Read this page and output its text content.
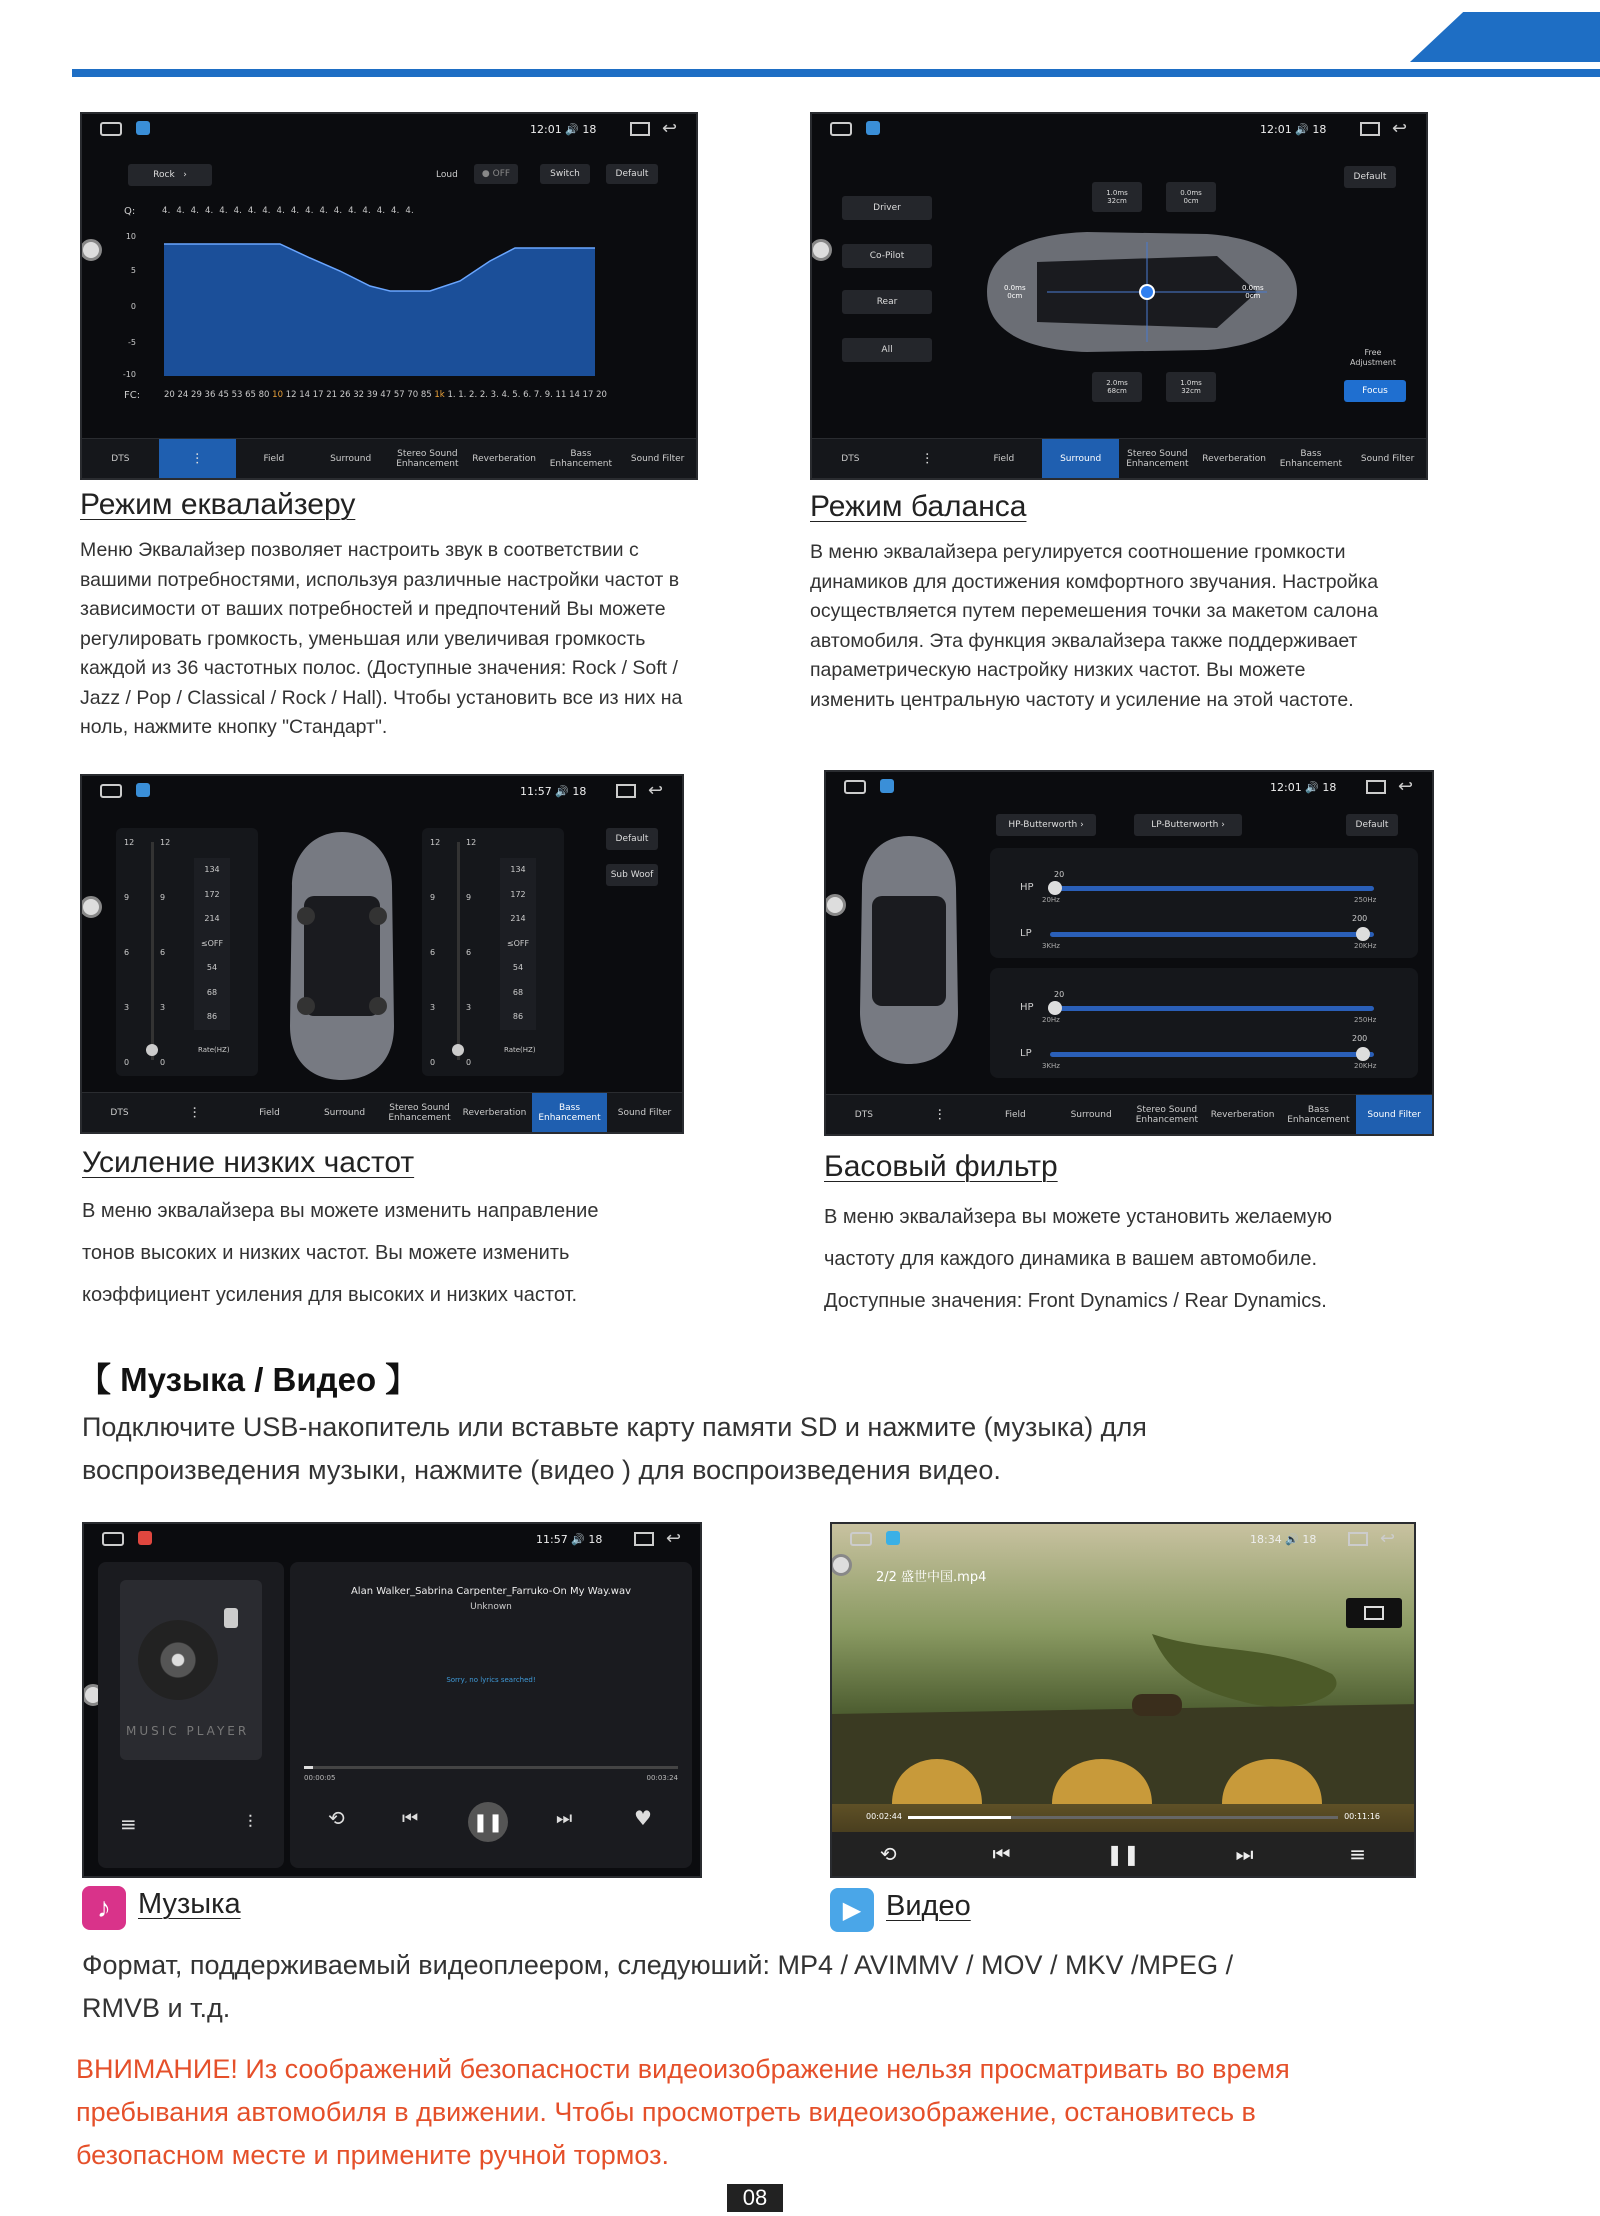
12:01 🔊 18	↩
Rock ›	Loud	● OFF	Switch	Default
Q:	4.  4.  4.  4.  4.  4.  4.  4.  4.  4.  4.  4.  4.  4.  4.  4.  4.  4.
10
5
0
-5
-10
FC:	20 24 29 36 45 53 65 80 10 12 14 17 21 26 32 39 47 57 70 85 1k 1. 1. 2. 2. 3. 4. 5. 6. 7. 9. 11 14 17 20
DTS	⫶	Field	Surround	Stereo Sound Enhancement	Reverberation	Bass Enhancement	Sound Filter
Режим еквалайзеру
Меню Эквалайзер позволяет настроить звук в соответствии с
вашими потребностями, используя различные настройки частот в
зависимости от ваших потребностей и предпочтений Вы можете
регулировать громкость, уменьшая или увеличивая громкость
каждой из 36 частотных полос. (Доступные значения: Rock / Soft /
Jazz / Pop / Classical / Rock / Hall). Чтобы установить все из них на
ноль, нажмите кнопку "Стандарт".
12:01 🔊 18	↩
Driver
Co-Pilot
Rear
All
Default
1.0ms
32cm
0.0ms
0cm
2.0ms
68cm
1.0ms
32cm
0.0ms
0cm
0.0ms
0cm
Free Adjustment
Focus
DTS	⫶	Field	Surround	Stereo Sound Enhancement	Reverberation	Bass Enhancement	Sound Filter
Режим баланса
В меню эквалайзера регулируется соотношение громкости
динамиков для достижения комфортного звучания. Настройка
осуществляется путем перемешения точки за макетом салона
автомобиля. Эта функция эквалайзера также поддерживает
параметрическую настройку низких частот. Вы можете
изменить центральную частоту и усиление на этой частоте.
11:57 🔊 18	↩
12	12
9	9
6	6
3	3
0	0
134
172
214
≤OFF
54
68
86
Rate(HZ)
12	12
9	9
6	6
3	3
0	0
134
172
214
≤OFF
54
68
86
Rate(HZ)
Default
Sub Woof
DTS	⫶	Field	Surround	Stereo Sound Enhancement	Reverberation	Bass Enhancement	Sound Filter
Усиление низких частот
В меню эквалайзера вы можете изменить направление
тонов высоких и низких частот. Вы можете изменить
коэффициент усиления для высоких и низких частот.
12:01 🔊 18	↩
HP-Butterworth ›	LP-Butterworth ›	Default
HP
20
20Hz	250Hz
LP
200
3KHz	20KHz
HP
20
20Hz	250Hz
LP
200
3KHz	20KHz
DTS	⫶	Field	Surround	Stereo Sound Enhancement	Reverberation	Bass Enhancement	Sound Filter
Басовый фильтр
В меню эквалайзера вы можете установить желаемую
частоту для каждого динамика в вашем автомобиле.
Доступные значения: Front Dynamics / Rear Dynamics.
【 Музыка / Видео 】
Подключите USB-накопитель или вставьте карту памяти SD и нажмите (музыка) для
воспроизведения музыки, нажмите (видео ) для воспроизведения видео.
11:57 🔊 18	↩
MUSIC PLAYER
≡	⫶
Alan Walker_Sabrina Carpenter_Farruko-On My Way.wav
Unknown
Sorry, no lyrics searched!
00:00:05	00:03:24
⟲	⏮	❚❚	⏭	♥
18:34 🔊 18	↩
2/2 盛世中国.mp4
00:02:44	00:11:16
⟲	⏮	❚❚	⏭	≡
♪ Музыка	▶ Видео
Формат, поддерживаемый видеоплеером, следуюший: MP4 / AVIMMV / MOV / MKV /MPEG /
RMVB и т.д.
ВНИМАНИЕ! Из соображений безопасности видеоизображение нельзя просматривать во время
пребывания автомобиля в движении. Чтобы просмотреть видеоизображение, остановитесь в
безопасном месте и примените ручной тормоз.
08
